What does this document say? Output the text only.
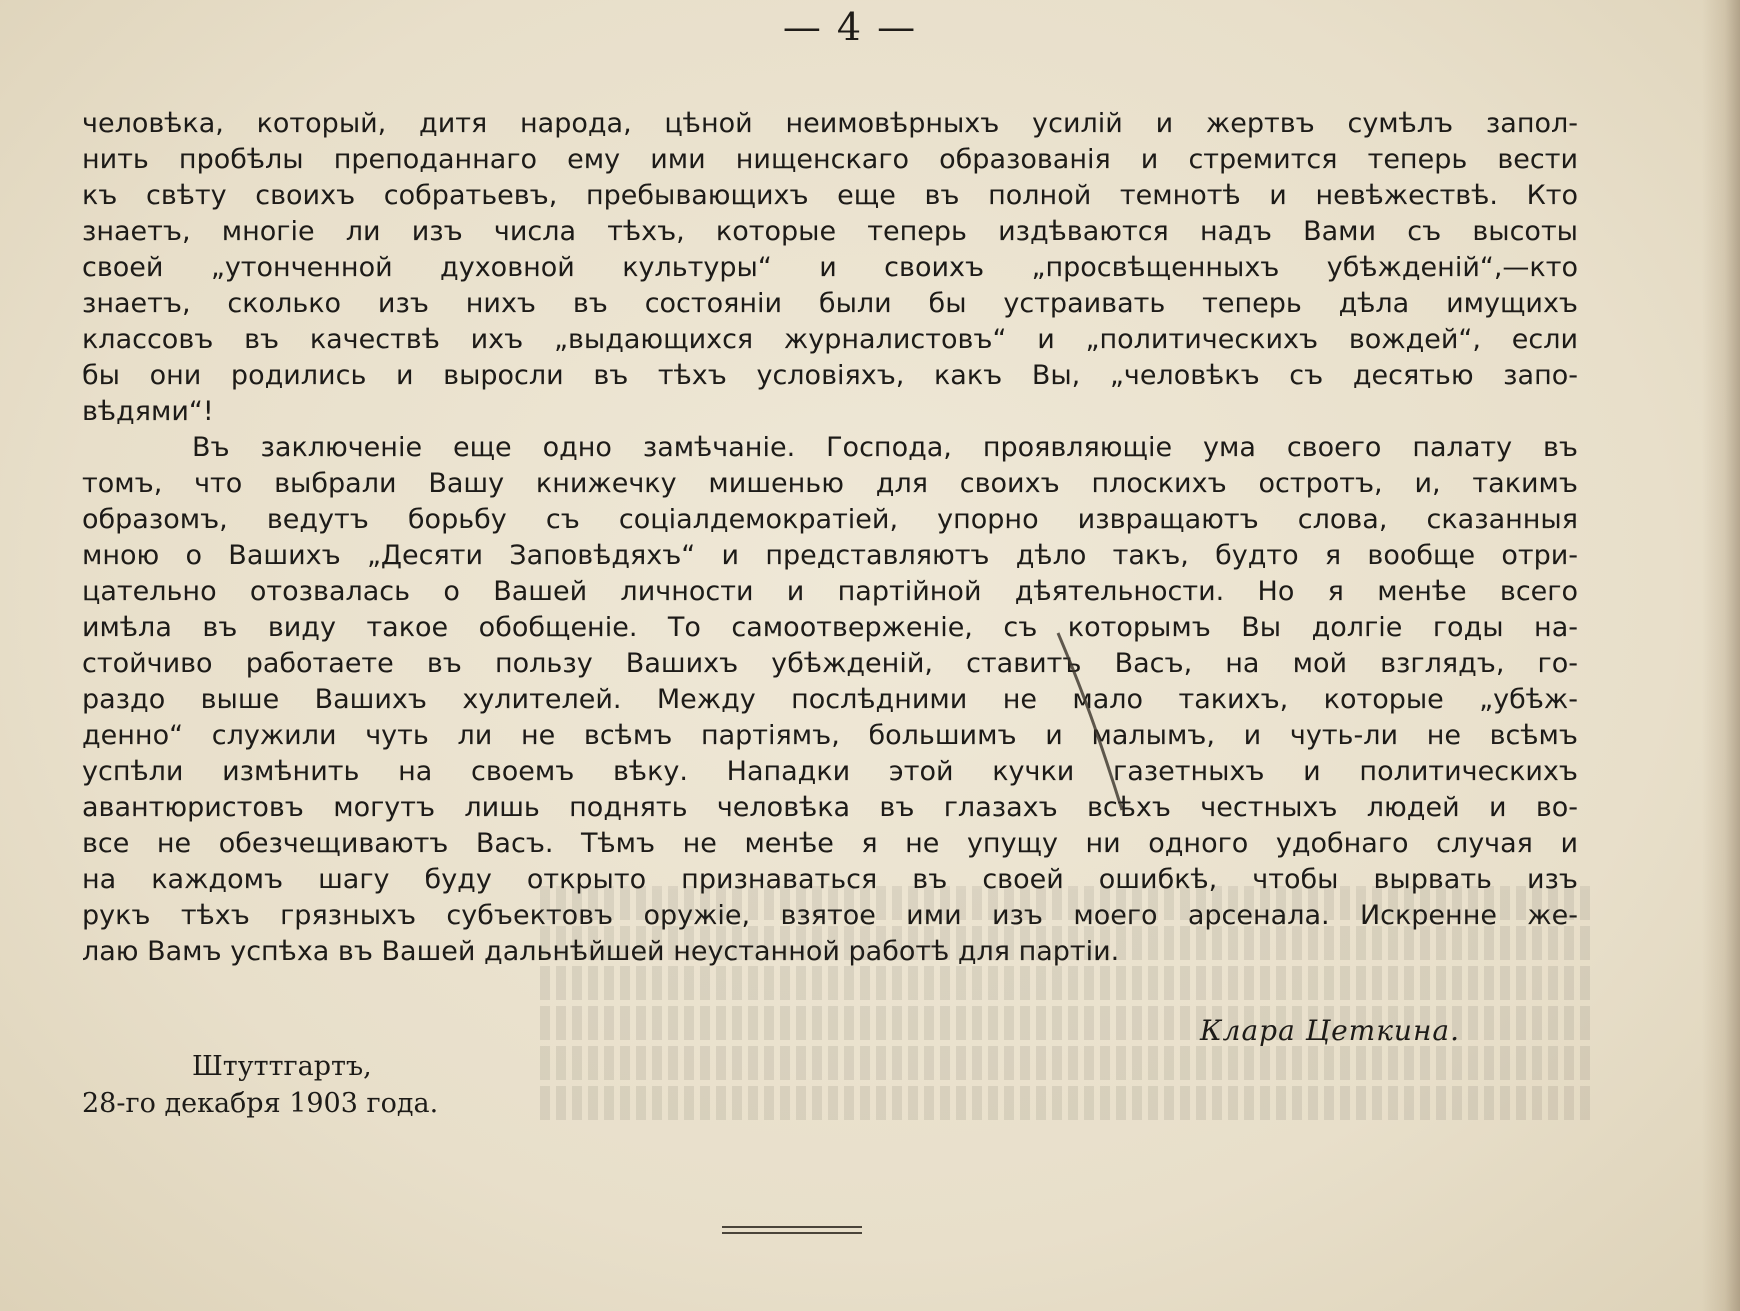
— 4 —
человѣка, который, дитя народа, цѣной неимовѣрныхъ усилій и жертвъ сумѣлъ запол-
нить пробѣлы преподаннаго ему ими нищенскаго образованія и стремится теперь вести
къ свѣту своихъ собратьевъ, пребывающихъ еще въ полной темнотѣ и невѣжествѣ. Кто
знаетъ, многіе ли изъ числа тѣхъ, которые теперь издѣваются надъ Вами съ высоты
своей „утонченной духовной культуры“ и своихъ „просвѣщенныхъ убѣжденій“,—кто
знаетъ, сколько изъ нихъ въ состояніи были бы устраивать теперь дѣла имущихъ
классовъ въ качествѣ ихъ „выдающихся журналистовъ“ и „политическихъ вождей“, если
бы они родились и выросли въ тѣхъ условіяхъ, какъ Вы, „человѣкъ съ десятью запо-
вѣдями“!
Въ заключеніе еще одно замѣчаніе. Господа, проявляющіе ума своего палату въ
томъ, что выбрали Вашу книжечку мишенью для своихъ плоскихъ остротъ, и, такимъ
образомъ, ведутъ борьбу съ соціалдемократіей, упорно извращаютъ слова, сказанныя
мною о Вашихъ „Десяти Заповѣдяхъ“ и представляютъ дѣло такъ, будто я вообще отри-
цательно отозвалась о Вашей личности и партійной дѣятельности. Но я менѣе всего
имѣла въ виду такое обобщеніе. То самоотверженіе, съ которымъ Вы долгіе годы на-
стойчиво работаете въ пользу Вашихъ убѣжденій, ставитъ Васъ, на мой взглядъ, го-
раздо выше Вашихъ хулителей. Между послѣдними не мало такихъ, которые „убѣж-
денно“ служили чуть ли не всѣмъ партіямъ, большимъ и малымъ, и чуть-ли не всѣмъ
успѣли измѣнить на своемъ вѣку. Нападки этой кучки газетныхъ и политическихъ
авантюристовъ могутъ лишь поднять человѣка въ глазахъ всѣхъ честныхъ людей и во-
все не обезчещиваютъ Васъ. Тѣмъ не менѣе я не упущу ни одного удобнаго случая и
на каждомъ шагу буду открыто признаваться въ своей ошибкѣ, чтобы вырвать изъ
рукъ тѣхъ грязныхъ субъектовъ оружіе, взятое ими изъ моего арсенала. Искренне же-
лаю Вамъ успѣха въ Вашей дальнѣйшей неустанной работѣ для партіи.
Клара Цеткина.
Штуттгартъ,
28-го декабря 1903 года.
